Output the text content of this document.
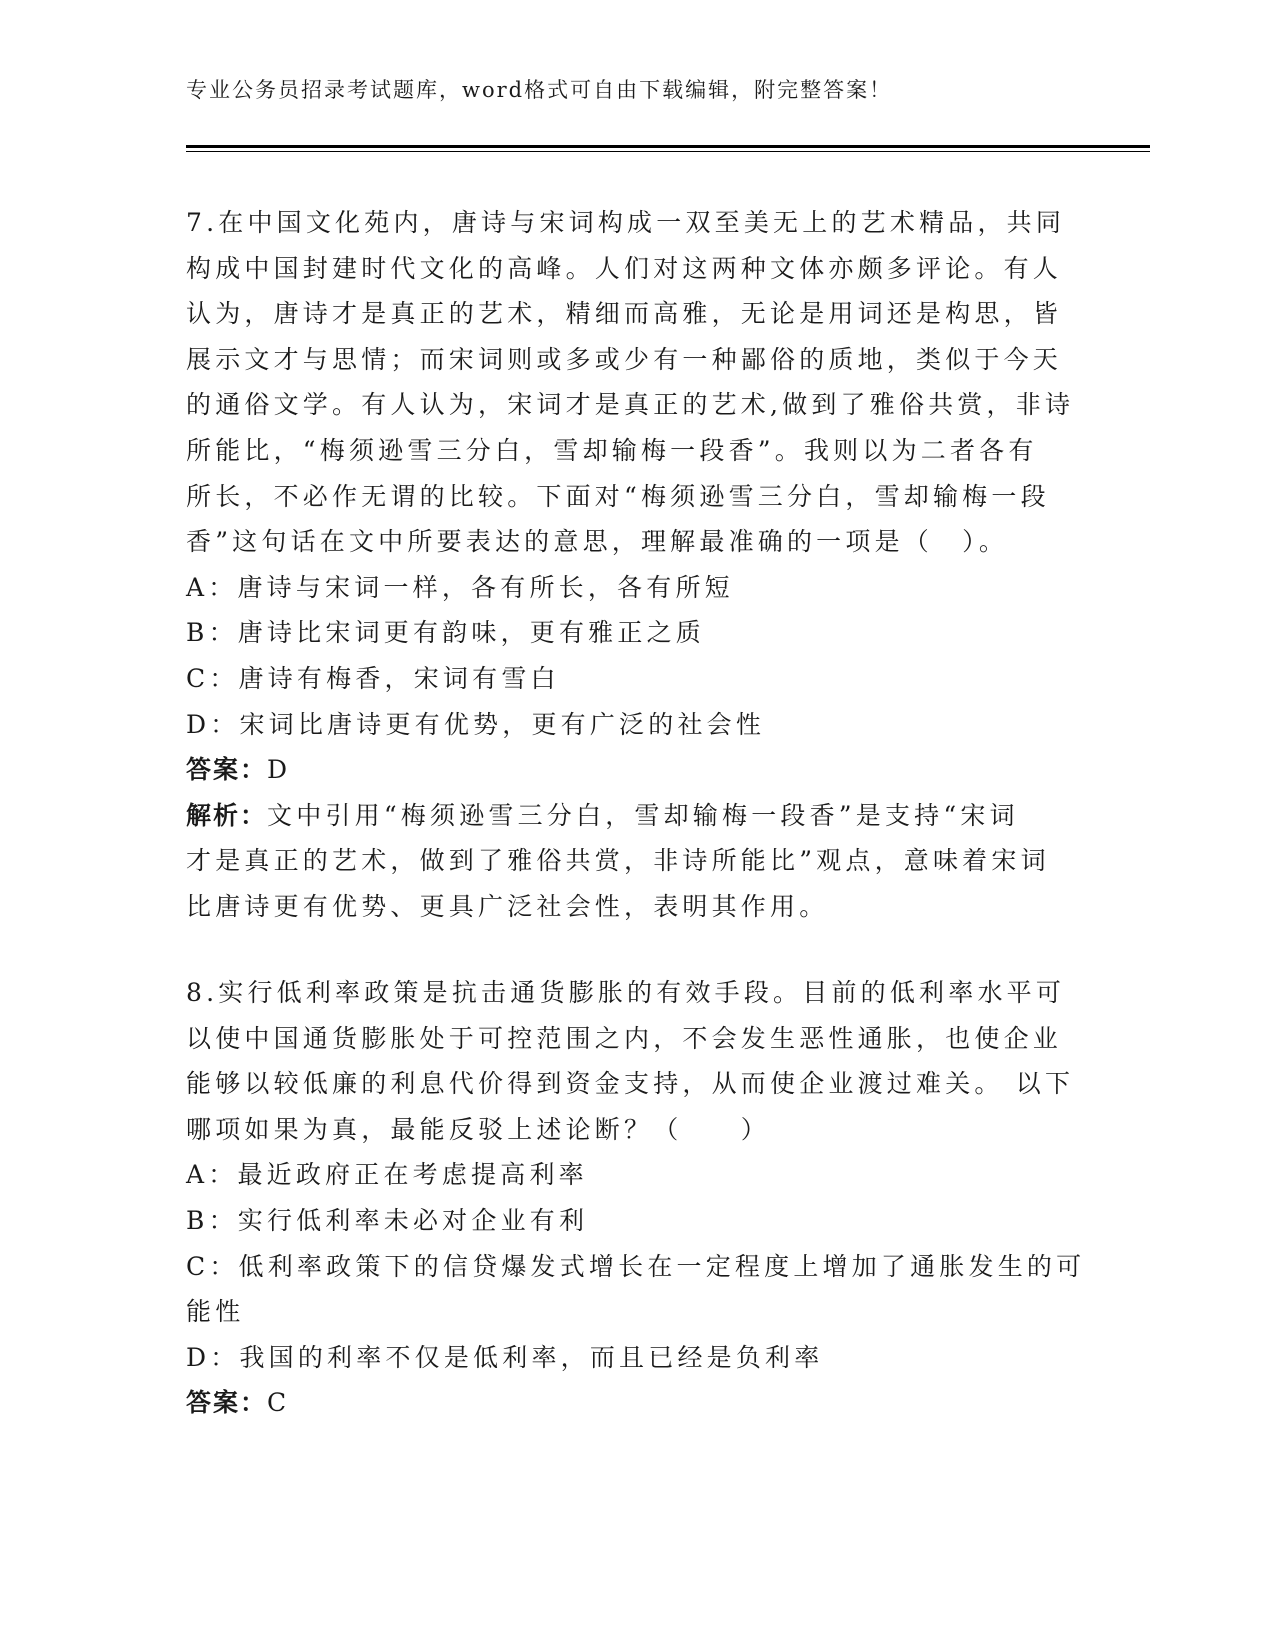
专业公务员招录考试题库，word格式可自由下载编辑，附完整答案！
7.在中国文化苑内，唐诗与宋词构成一双至美无上的艺术精品，共同
构成中国封建时代文化的高峰。人们对这两种文体亦颇多评论。有人
认为，唐诗才是真正的艺术，精细而高雅，无论是用词还是构思，皆
展示文才与思情；而宋词则或多或少有一种鄙俗的质地，类似于今天
的通俗文学。有人认为，宋词才是真正的艺术,做到了雅俗共赏，非诗
所能比，“梅须逊雪三分白，雪却输梅一段香”。我则以为二者各有
所长，不必作无谓的比较。下面对“梅须逊雪三分白，雪却输梅一段
香”这句话在文中所要表达的意思，理解最准确的一项是（　）。
A：唐诗与宋词一样，各有所长，各有所短
B：唐诗比宋词更有韵味，更有雅正之质
C：唐诗有梅香，宋词有雪白
D：宋词比唐诗更有优势，更有广泛的社会性
答案：D
解析：文中引用“梅须逊雪三分白，雪却输梅一段香”是支持“宋词
才是真正的艺术，做到了雅俗共赏，非诗所能比”观点，意味着宋词
比唐诗更有优势、更具广泛社会性，表明其作用。
8.实行低利率政策是抗击通货膨胀的有效手段。目前的低利率水平可
以使中国通货膨胀处于可控范围之内，不会发生恶性通胀，也使企业
能够以较低廉的利息代价得到资金支持，从而使企业渡过难关。 以下
哪项如果为真，最能反驳上述论断？（　　）
A：最近政府正在考虑提高利率
B：实行低利率未必对企业有利
C：低利率政策下的信贷爆发式增长在一定程度上增加了通胀发生的可
能性
D：我国的利率不仅是低利率，而且已经是负利率
答案：C
